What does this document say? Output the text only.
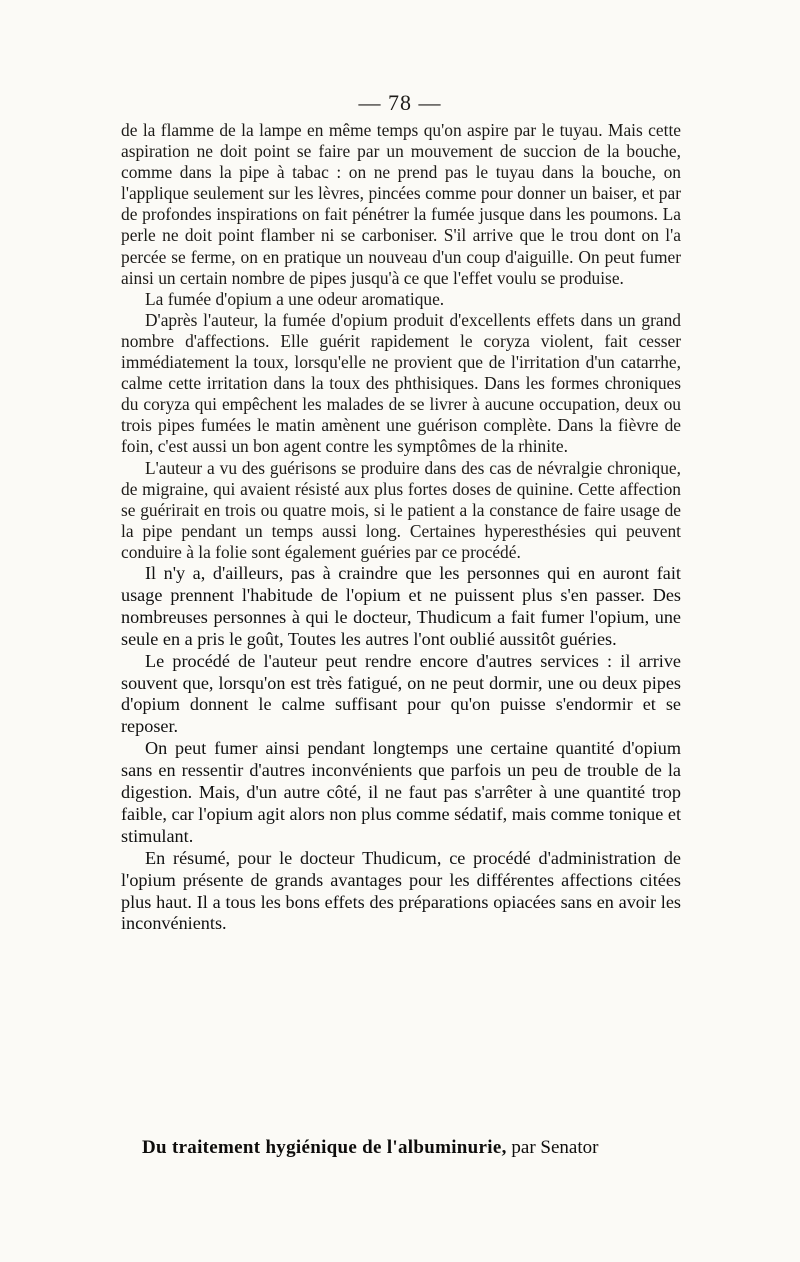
— 78 —

de la flamme de la lampe en même temps qu'on aspire par le tuyau. Mais cette aspiration ne doit point se faire par un mouvement de succion de la bouche, comme dans la pipe à tabac : on ne prend pas le tuyau dans la bouche, on l'applique seulement sur les lèvres, pincées comme pour donner un baiser, et par de profondes inspirations on fait pénétrer la fumée jusque dans les poumons. La perle ne doit point flamber ni se carboniser. S'il arrive que le trou dont on l'a percée se ferme, on en pratique un nouveau d'un coup d'aiguille. On peut fumer ainsi un certain nombre de pipes jusqu'à ce que l'effet voulu se produise.

La fumée d'opium a une odeur aromatique.

D'après l'auteur, la fumée d'opium produit d'excellents effets dans un grand nombre d'affections. Elle guérit rapidement le coryza violent, fait cesser immédiatement la toux, lorsqu'elle ne provient que de l'irritation d'un catarrhe, calme cette irritation dans la toux des phthisiques. Dans les formes chroniques du coryza qui empêchent les malades de se livrer à aucune occupation, deux ou trois pipes fumées le matin amènent une guérison complète. Dans la fièvre de foin, c'est aussi un bon agent contre les symptômes de la rhinite.

L'auteur a vu des guérisons se produire dans des cas de névralgie chronique, de migraine, qui avaient résisté aux plus fortes doses de quinine. Cette affection se guérirait en trois ou quatre mois, si le patient a la constance de faire usage de la pipe pendant un temps aussi long. Certaines hyperesthésies qui peuvent conduire à la folie sont également guéries par ce procédé.

Il n'y a, d'ailleurs, pas à craindre que les personnes qui en auront fait usage prennent l'habitude de l'opium et ne puissent plus s'en passer. Des nombreuses personnes à qui le docteur, Thudicum a fait fumer l'opium, une seule en a pris le goût, Toutes les autres l'ont oublié aussitôt guéries.

Le procédé de l'auteur peut rendre encore d'autres services : il arrive souvent que, lorsqu'on est très fatigué, on ne peut dormir, une ou deux pipes d'opium donnent le calme suffisant pour qu'on puisse s'endormir et se reposer.

On peut fumer ainsi pendant longtemps une certaine quantité d'opium sans en ressentir d'autres inconvénients que parfois un peu de trouble de la digestion. Mais, d'un autre côté, il ne faut pas s'arrêter à une quantité trop faible, car l'opium agit alors non plus comme sédatif, mais comme tonique et stimulant.

En résumé, pour le docteur Thudicum, ce procédé d'administration de l'opium présente de grands avantages pour les différentes affections citées plus haut. Il a tous les bons effets des préparations opiacées sans en avoir les inconvénients.

Du traitement hygiénique de l'albuminurie, par Senator
